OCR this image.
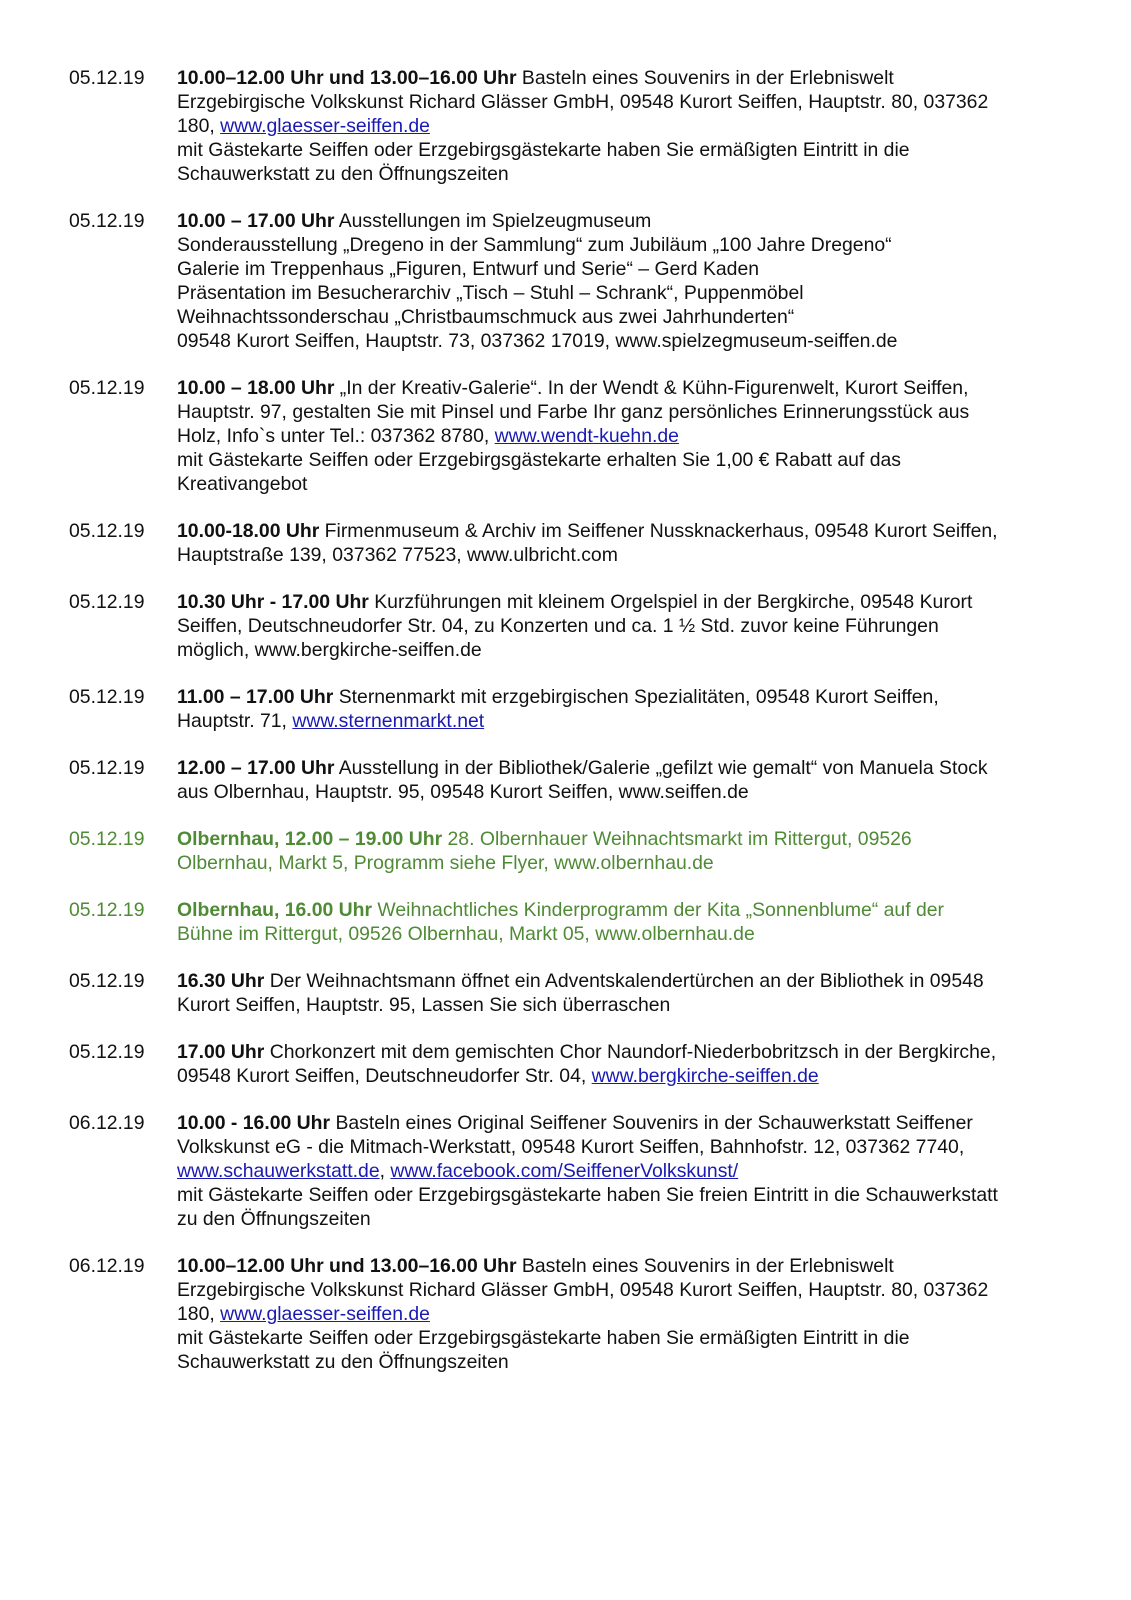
05.12.19	10.00–12.00 Uhr und 13.00–16.00 Uhr Basteln eines Souvenirs in der Erlebniswelt
Erzgebirgische Volkskunst Richard Glässer GmbH, 09548 Kurort Seiffen, Hauptstr. 80, 037362
180, www.glaesser-seiffen.de
mit Gästekarte Seiffen oder Erzgebirgsgästekarte haben Sie ermäßigten Eintritt in die
Schauwerkstatt zu den Öffnungszeiten
05.12.19	10.00 – 17.00 Uhr Ausstellungen im Spielzeugmuseum
Sonderausstellung „Dregeno in der Sammlung“ zum Jubiläum „100 Jahre Dregeno“
Galerie im Treppenhaus „Figuren, Entwurf und Serie“ – Gerd Kaden
Präsentation im Besucherarchiv „Tisch – Stuhl – Schrank“, Puppenmöbel
Weihnachtssonderschau „Christbaumschmuck aus zwei Jahrhunderten“
09548 Kurort Seiffen, Hauptstr. 73, 037362 17019, www.spielzegmuseum-seiffen.de
05.12.19	10.00 – 18.00 Uhr „In der Kreativ-Galerie“. In der Wendt & Kühn-Figurenwelt, Kurort Seiffen,
Hauptstr. 97, gestalten Sie mit Pinsel und Farbe Ihr ganz persönliches Erinnerungsstück aus
Holz, Info`s unter Tel.: 037362 8780, www.wendt-kuehn.de
mit Gästekarte Seiffen oder Erzgebirgsgästekarte erhalten Sie 1,00 € Rabatt auf das
Kreativangebot
05.12.19	10.00-18.00 Uhr Firmenmuseum & Archiv im Seiffener Nussknackerhaus, 09548 Kurort Seiffen,
Hauptstraße 139, 037362 77523, www.ulbricht.com
05.12.19	10.30 Uhr - 17.00 Uhr Kurzführungen mit kleinem Orgelspiel in der Bergkirche, 09548 Kurort
Seiffen, Deutschneudorfer Str. 04, zu Konzerten und ca. 1 ½ Std. zuvor keine Führungen
möglich, www.bergkirche-seiffen.de
05.12.19	11.00 – 17.00 Uhr Sternenmarkt mit erzgebirgischen Spezialitäten, 09548 Kurort Seiffen,
Hauptstr. 71, www.sternenmarkt.net
05.12.19	12.00 – 17.00 Uhr Ausstellung in der Bibliothek/Galerie „gefilzt wie gemalt“ von Manuela Stock
aus Olbernhau, Hauptstr. 95, 09548 Kurort Seiffen, www.seiffen.de
05.12.19	Olbernhau, 12.00 – 19.00 Uhr 28. Olbernhauer Weihnachtsmarkt im Rittergut, 09526
Olbernhau, Markt 5, Programm siehe Flyer, www.olbernhau.de
05.12.19	Olbernhau, 16.00 Uhr Weihnachtliches Kinderprogramm der Kita „Sonnenblume“ auf der
Bühne im Rittergut, 09526 Olbernhau, Markt 05, www.olbernhau.de
05.12.19	16.30 Uhr Der Weihnachtsmann öffnet ein Adventskalendertürchen an der Bibliothek in 09548
Kurort Seiffen, Hauptstr. 95, Lassen Sie sich überraschen
05.12.19	17.00 Uhr Chorkonzert mit dem gemischten Chor Naundorf-Niederbobritzsch in der Bergkirche,
09548 Kurort Seiffen, Deutschneudorfer Str. 04, www.bergkirche-seiffen.de
06.12.19	10.00 - 16.00 Uhr Basteln eines Original Seiffener Souvenirs in der Schauwerkstatt Seiffener
Volkskunst eG - die Mitmach-Werkstatt, 09548 Kurort Seiffen, Bahnhofstr. 12, 037362 7740,
www.schauwerkstatt.de, www.facebook.com/SeiffenerVolkskunst/
mit Gästekarte Seiffen oder Erzgebirgsgästekarte haben Sie freien Eintritt in die Schauwerkstatt
zu den Öffnungszeiten
06.12.19	10.00–12.00 Uhr und 13.00–16.00 Uhr Basteln eines Souvenirs in der Erlebniswelt
Erzgebirgische Volkskunst Richard Glässer GmbH, 09548 Kurort Seiffen, Hauptstr. 80, 037362
180, www.glaesser-seiffen.de
mit Gästekarte Seiffen oder Erzgebirgsgästekarte haben Sie ermäßigten Eintritt in die
Schauwerkstatt zu den Öffnungszeiten
